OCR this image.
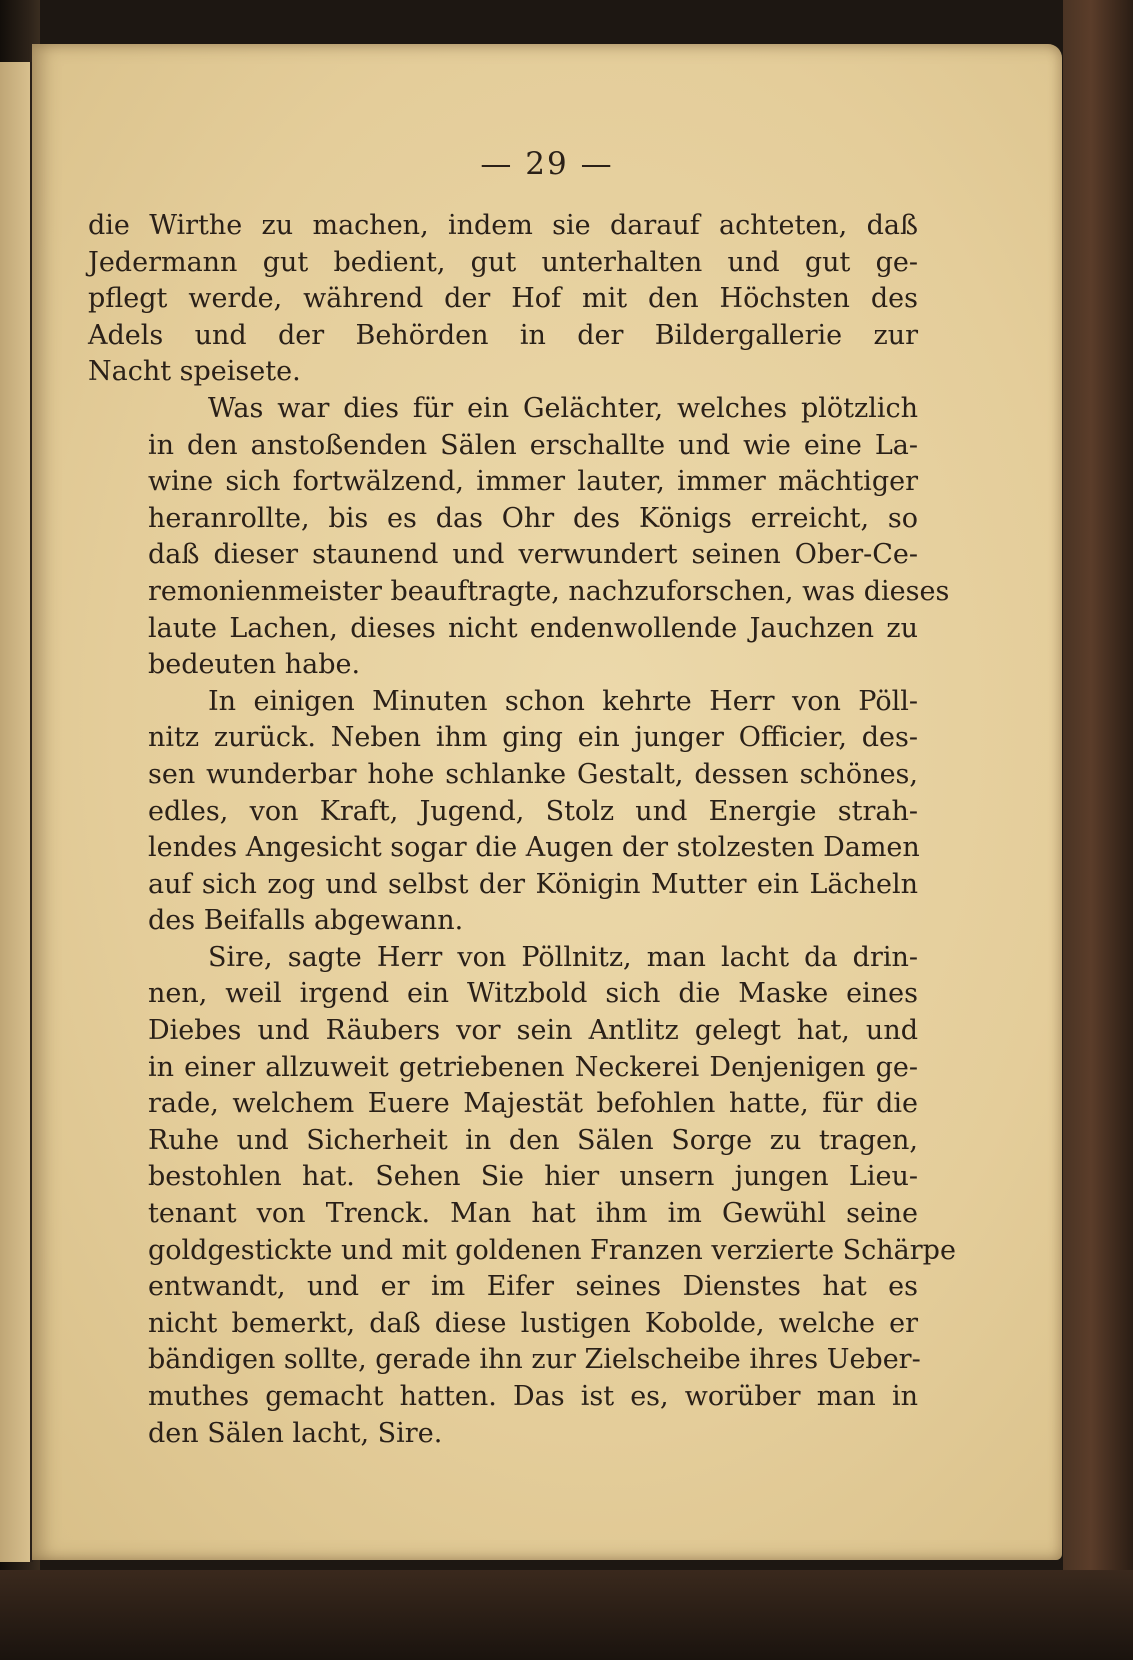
— 29 —
die Wirthe zu machen, indem sie darauf achteten, daß
Jedermann gut bedient, gut unterhalten und gut ge-
pflegt werde, während der Hof mit den Höchsten des
Adels und der Behörden in der Bildergallerie zur
Nacht speisete.
Was war dies für ein Gelächter, welches plötzlich
in den anstoßenden Sälen erschallte und wie eine La-
wine sich fortwälzend, immer lauter, immer mächtiger
heranrollte, bis es das Ohr des Königs erreicht, so
daß dieser staunend und verwundert seinen Ober-Ce-
remonienmeister beauftragte, nachzuforschen, was dieses
laute Lachen, dieses nicht endenwollende Jauchzen zu
bedeuten habe.
In einigen Minuten schon kehrte Herr von Pöll-
nitz zurück. Neben ihm ging ein junger Officier, des-
sen wunderbar hohe schlanke Gestalt, dessen schönes,
edles, von Kraft, Jugend, Stolz und Energie strah-
lendes Angesicht sogar die Augen der stolzesten Damen
auf sich zog und selbst der Königin Mutter ein Lächeln
des Beifalls abgewann.
Sire, sagte Herr von Pöllnitz, man lacht da drin-
nen, weil irgend ein Witzbold sich die Maske eines
Diebes und Räubers vor sein Antlitz gelegt hat, und
in einer allzuweit getriebenen Neckerei Denjenigen ge-
rade, welchem Euere Majestät befohlen hatte, für die
Ruhe und Sicherheit in den Sälen Sorge zu tragen,
bestohlen hat. Sehen Sie hier unsern jungen Lieu-
tenant von Trenck. Man hat ihm im Gewühl seine
goldgestickte und mit goldenen Franzen verzierte Schärpe
entwandt, und er im Eifer seines Dienstes hat es
nicht bemerkt, daß diese lustigen Kobolde, welche er
bändigen sollte, gerade ihn zur Zielscheibe ihres Ueber-
muthes gemacht hatten. Das ist es, worüber man in
den Sälen lacht, Sire.
